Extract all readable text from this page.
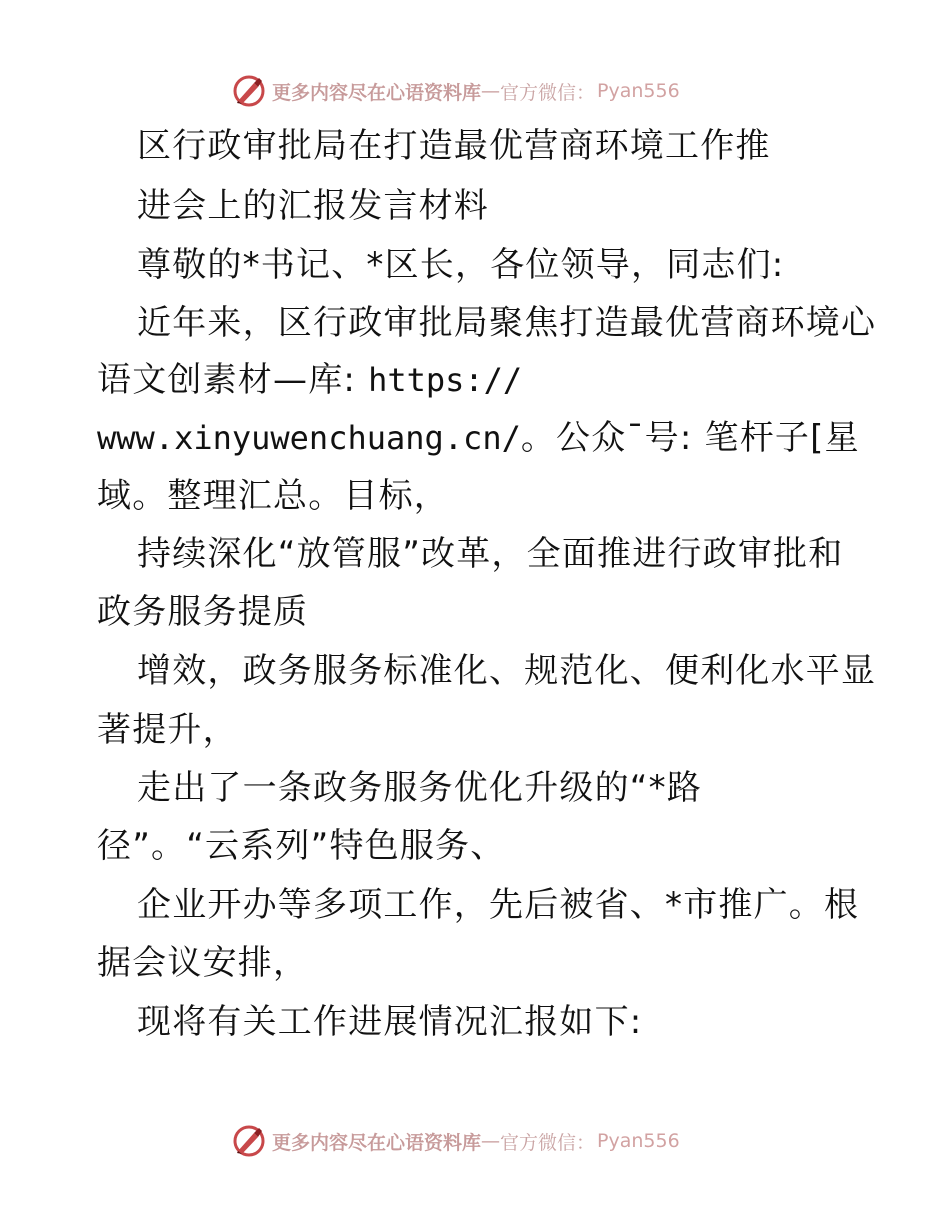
更多内容尽在心语资料库 — 官方微信： Pyan556
区行政审批局在打造最优营商环境工作推
进会上的汇报发言材料
尊敬的*书记、*区长，各位领导，同志们:
近年来，区行政审批局聚焦打造最优营商环境心
语文创素材—库: https://
www.xinyuwenchuang.cn/。公众¯号: 笔杆子[星
域。整理汇总。目标，
持续深化“放管服”改革，全面推进行政审批和
政务服务提质
增效，政务服务标准化、规范化、便利化水平显
著提升，
走出了一条政务服务优化升级的“*路
径”。“云系列”特色服务、
企业开办等多项工作，先后被省、*市推广。根
据会议安排，
现将有关工作进展情况汇报如下:
更多内容尽在心语资料库 — 官方微信： Pyan556
